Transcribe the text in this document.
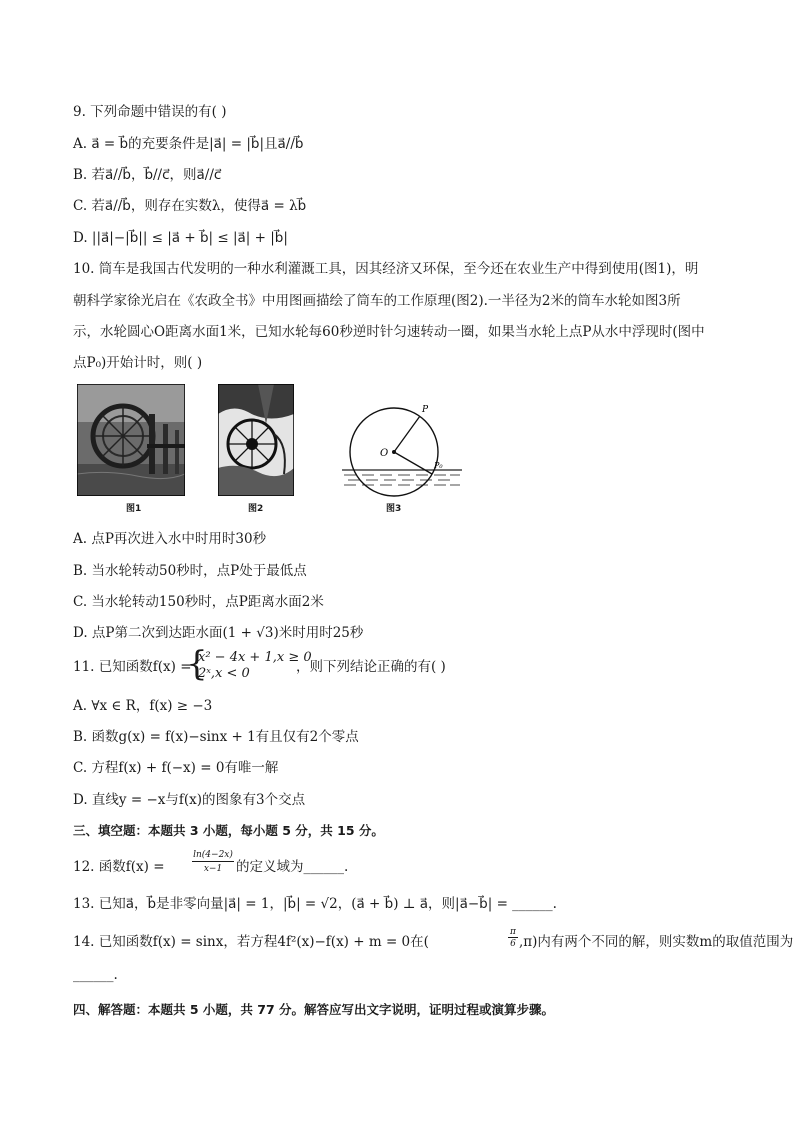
9. 下列命题中错误的有( )
A. a⃗ = b⃗的充要条件是|a⃗| = |b⃗|且a⃗//b⃗
B. 若a⃗//b⃗，b⃗//c⃗，则a⃗//c⃗
C. 若a⃗//b⃗，则存在实数λ，使得a⃗ = λb⃗
D. ||a⃗|−|b⃗|| ≤ |a⃗ + b⃗| ≤ |a⃗| + |b⃗|
10. 筒车是我国古代发明的一种水利灌溉工具，因其经济又环保，至今还在农业生产中得到使用(图1)，明
朝科学家徐光启在《农政全书》中用图画描绘了筒车的工作原理(图2).一半径为2米的筒车水轮如图3所
示，水轮圆心O距离水面1米，已知水轮每60秒逆时针匀速转动一圈，如果当水轮上点P从水中浮现时(图中
点P₀)开始计时，则( )
图1	图2
O
P
P₀
图3
A. 点P再次进入水中时用时30秒
B. 当水轮转动50秒时，点P处于最低点
C. 当水轮转动150秒时，点P距离水面2米
D. 点P第二次到达距水面(1 + √3)米时用时25秒
11. 已知函数f(x) =
{
x² − 4x + 1,x ≥ 0
2ˣ,x < 0	，则下列结论正确的有( )
A. ∀x ∈ R，f(x) ≥ −3
B. 函数g(x) = f(x)−sinx + 1有且仅有2个零点
C. 方程f(x) + f(−x) = 0有唯一解
D. 直线y = −x与f(x)的图象有3个交点
三、填空题：本题共 3 小题，每小题 5 分，共 15 分。
12. 函数f(x) =
ln(4−2x)
x−1	的定义域为______.
13. 已知a⃗，b⃗是非零向量|a⃗| = 1，|b⃗| = √2，(a⃗ + b⃗) ⊥ a⃗，则|a⃗−b⃗| = ______.
14. 已知函数f(x) = sinx，若方程4f²(x)−f(x) + m = 0在(
π
6 ,π)内有两个不同的解，则实数m的取值范围为
______.
四、解答题：本题共 5 小题，共 77 分。解答应写出文字说明，证明过程或演算步骤。
